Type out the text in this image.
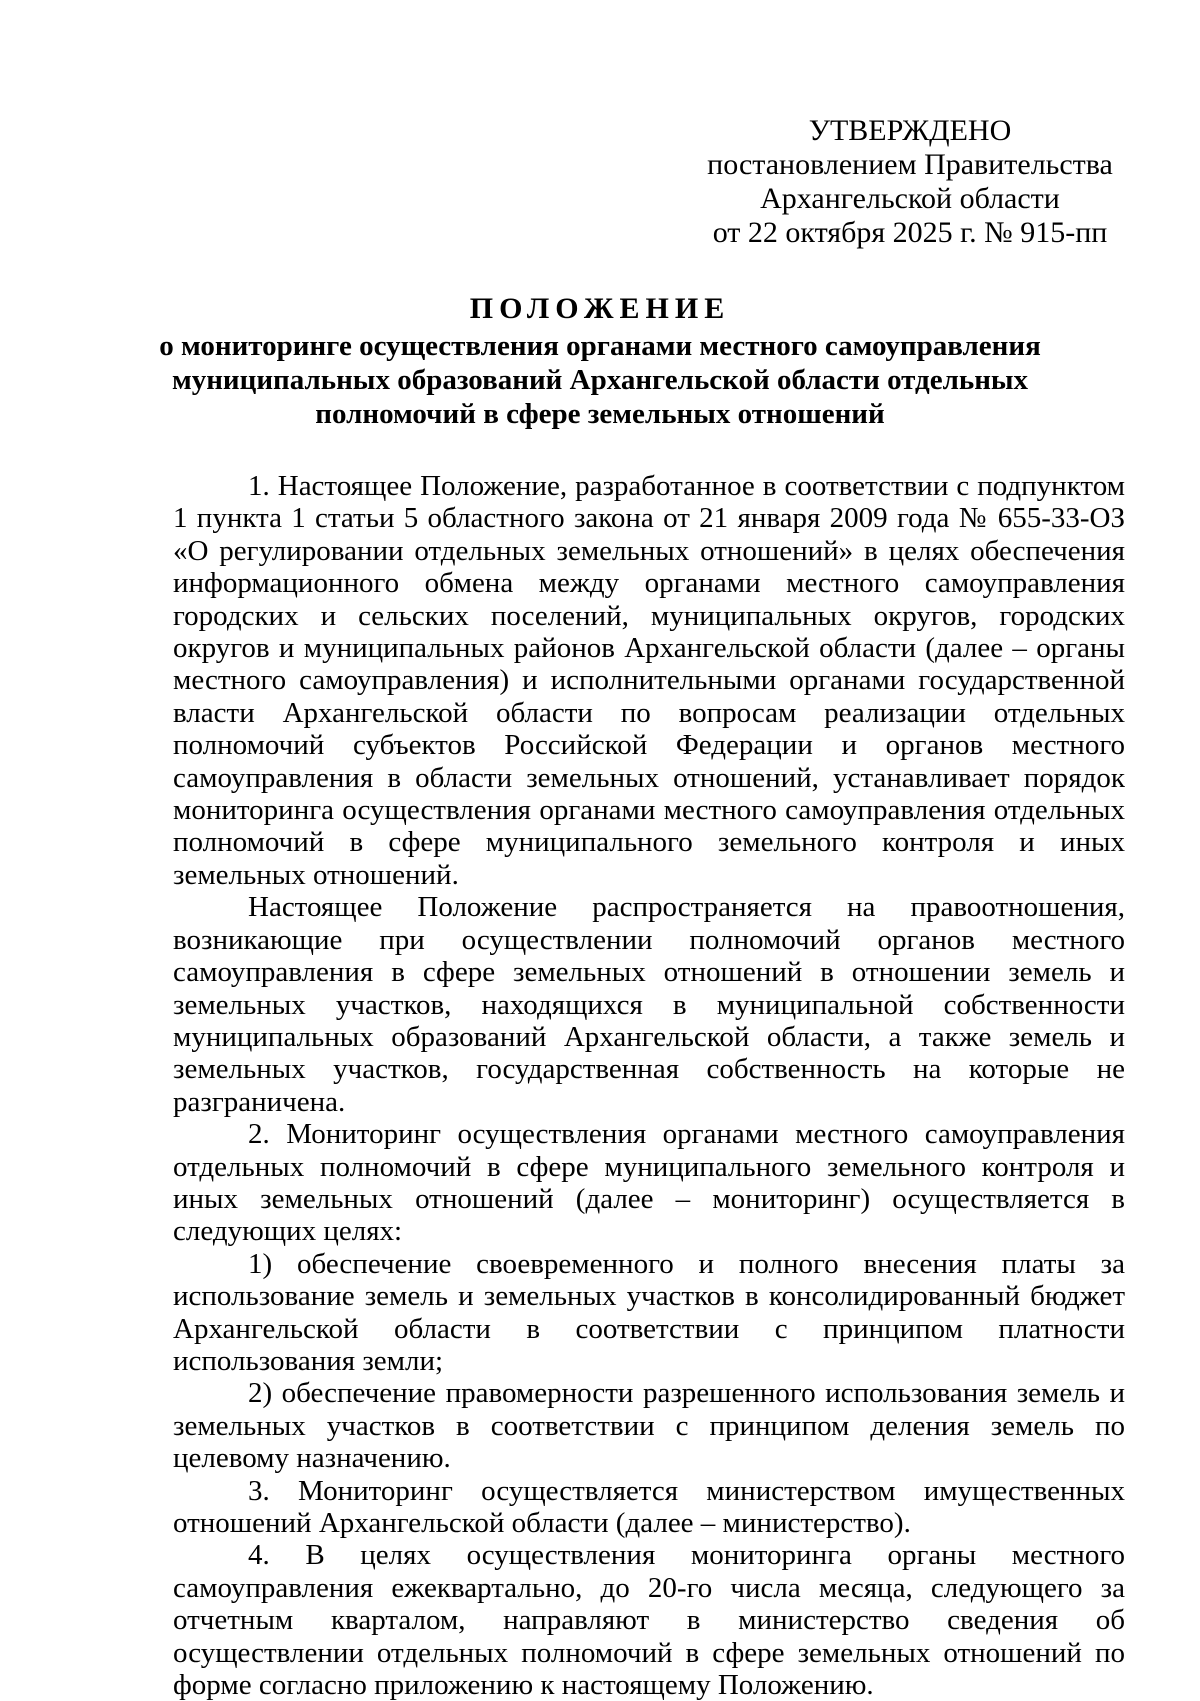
УТВЕРЖДЕНО
постановлением Правительства
Архангельской области
от 22 октября 2025 г. № 915-пп
ПОЛОЖЕНИЕ
о мониторинге осуществления органами местного самоуправления
муниципальных образований Архангельской области отдельных
полномочий в сфере земельных отношений

1. Настоящее Положение, разработанное в соответствии с подпунктом 1 пункта 1 статьи 5 областного закона от 21 января 2009 года № 655-33-ОЗ «О регулировании отдельных земельных отношений» в целях обеспечения информационного обмена между органами местного самоуправления городских и сельских поселений, муниципальных округов, городских округов и муниципальных районов Архангельской области (далее – органы местного самоуправления) и исполнительными органами государственной власти Архангельской области по вопросам реализации отдельных полномочий субъектов Российской Федерации и органов местного самоуправления в области земельных отношений, устанавливает порядок мониторинга осуществления органами местного самоуправления отдельных полномочий в сфере муниципального земельного контроля и иных земельных отношений.

Настоящее Положение распространяется на правоотношения, возникающие при осуществлении полномочий органов местного самоуправления в сфере земельных отношений в отношении земель и земельных участков, находящихся в муниципальной собственности муниципальных образований Архангельской области, а также земель и земельных участков, государственная собственность на которые не разграничена.

2. Мониторинг осуществления органами местного самоуправления отдельных полномочий в сфере муниципального земельного контроля и иных земельных отношений (далее – мониторинг) осуществляется в следующих целях:

1) обеспечение своевременного и полного внесения платы за использование земель и земельных участков в консолидированный бюджет Архангельской области в соответствии с принципом платности использования земли;

2) обеспечение правомерности разрешенного использования земель и земельных участков в соответствии с принципом деления земель по целевому назначению.

3. Мониторинг осуществляется министерством имущественных отношений Архангельской области (далее – министерство).

4. В целях осуществления мониторинга органы местного самоуправления ежеквартально, до 20-го числа месяца, следующего за отчетным кварталом, направляют в министерство сведения об осуществлении отдельных полномочий в сфере земельных отношений по форме согласно приложению к настоящему Положению.
